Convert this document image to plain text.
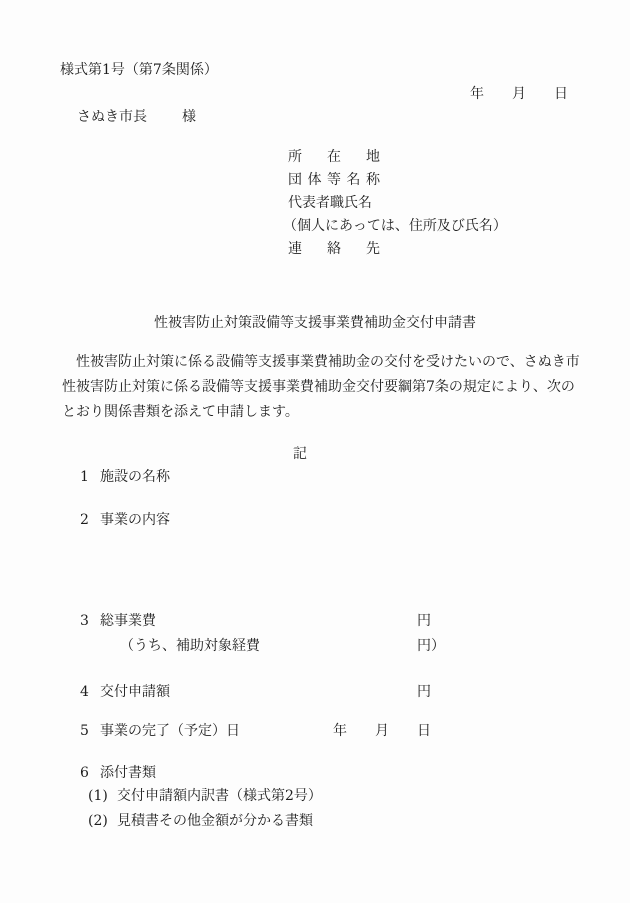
様式第1号（第7条関係）
年　　月　　日
さぬき市長	様
所在地
団体等名称
代表者職氏名
（個人にあっては、住所及び氏名）
連絡先
性被害防止対策設備等支援事業費補助金交付申請書
　性被害防止対策に係る設備等支援事業費補助金の交付を受けたいので、さぬき市
性被害防止対策に係る設備等支援事業費補助金交付要綱第7条の規定により、次の
とおり関係書類を添えて申請します。
記
1 施設の名称
2 事業の内容
3 総事業費	円
（うち、補助対象経費	円）
4 交付申請額	円
5 事業の完了（予定）日	年　　月　　日
6 添付書類
(1) 交付申請額内訳書（様式第2号）
(2) 見積書その他金額が分かる書類
